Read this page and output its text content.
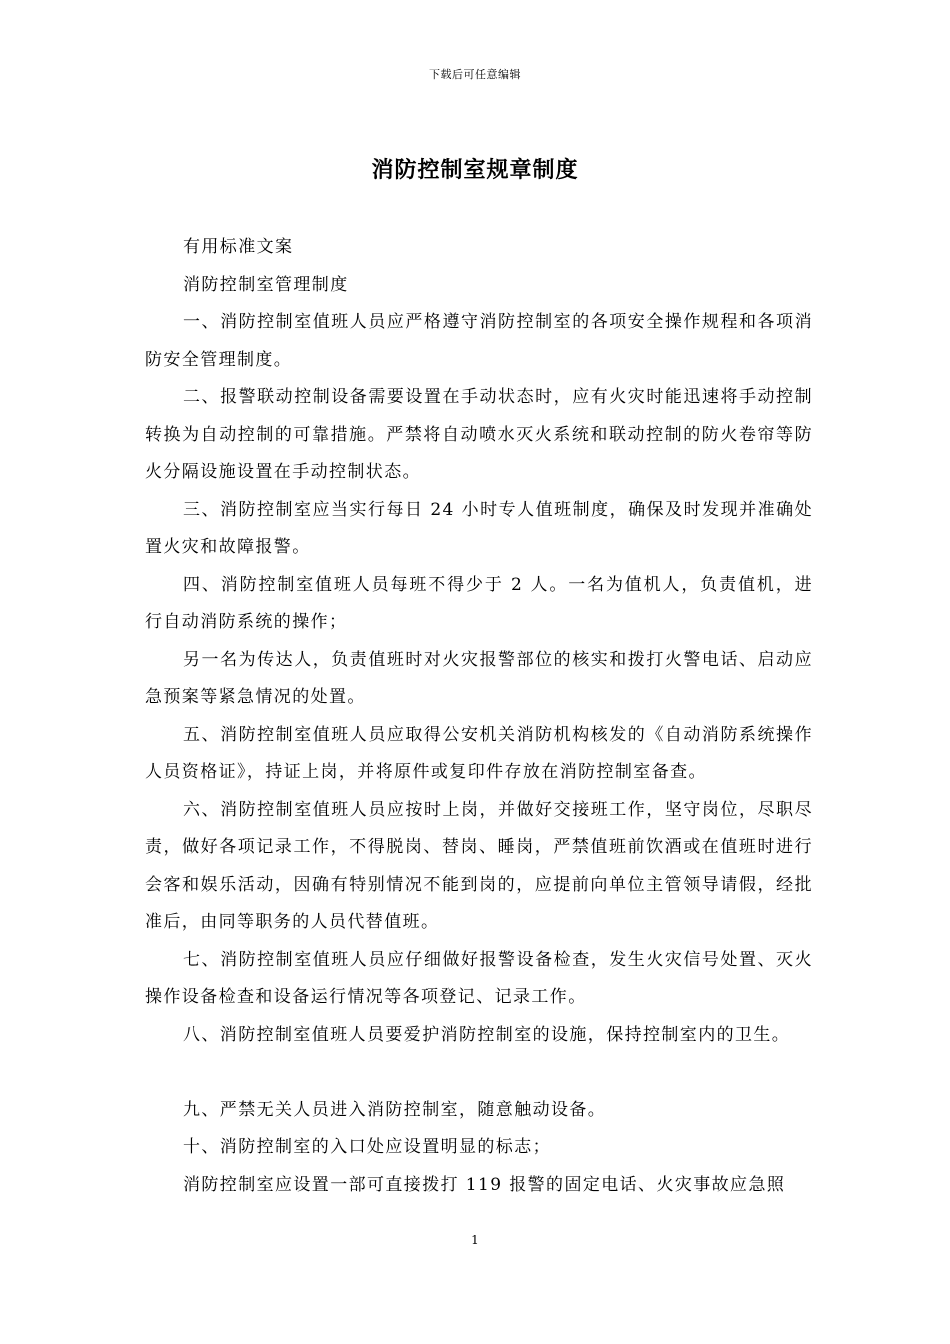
下载后可任意编辑
消防控制室规章制度

有用标准文案

消防控制室管理制度

一、消防控制室值班人员应严格遵守消防控制室的各项安全操作规程和各项消防安全管理制度。

二、报警联动控制设备需要设置在手动状态时，应有火灾时能迅速将手动控制转换为自动控制的可靠措施。严禁将自动喷水灭火系统和联动控制的防火卷帘等防火分隔设施设置在手动控制状态。

三、消防控制室应当实行每日 24 小时专人值班制度，确保及时发现并准确处置火灾和故障报警。

四、消防控制室值班人员每班不得少于 2 人。一名为值机人，负责值机，进行自动消防系统的操作；

另一名为传达人，负责值班时对火灾报警部位的核实和拨打火警电话、启动应急预案等紧急情况的处置。

五、消防控制室值班人员应取得公安机关消防机构核发的《自动消防系统操作人员资格证》，持证上岗，并将原件或复印件存放在消防控制室备查。

六、消防控制室值班人员应按时上岗，并做好交接班工作，坚守岗位，尽职尽责，做好各项记录工作，不得脱岗、替岗、睡岗，严禁值班前饮酒或在值班时进行会客和娱乐活动，因确有特别情况不能到岗的，应提前向单位主管领导请假，经批准后，由同等职务的人员代替值班。

七、消防控制室值班人员应仔细做好报警设备检查，发生火灾信号处置、灭火操作设备检查和设备运行情况等各项登记、记录工作。

八、消防控制室值班人员要爱护消防控制室的设施，保持控制室内的卫生。

九、严禁无关人员进入消防控制室，随意触动设备。

十、消防控制室的入口处应设置明显的标志；

消防控制室应设置一部可直接拨打 119 报警的固定电话、火灾事故应急照

1
